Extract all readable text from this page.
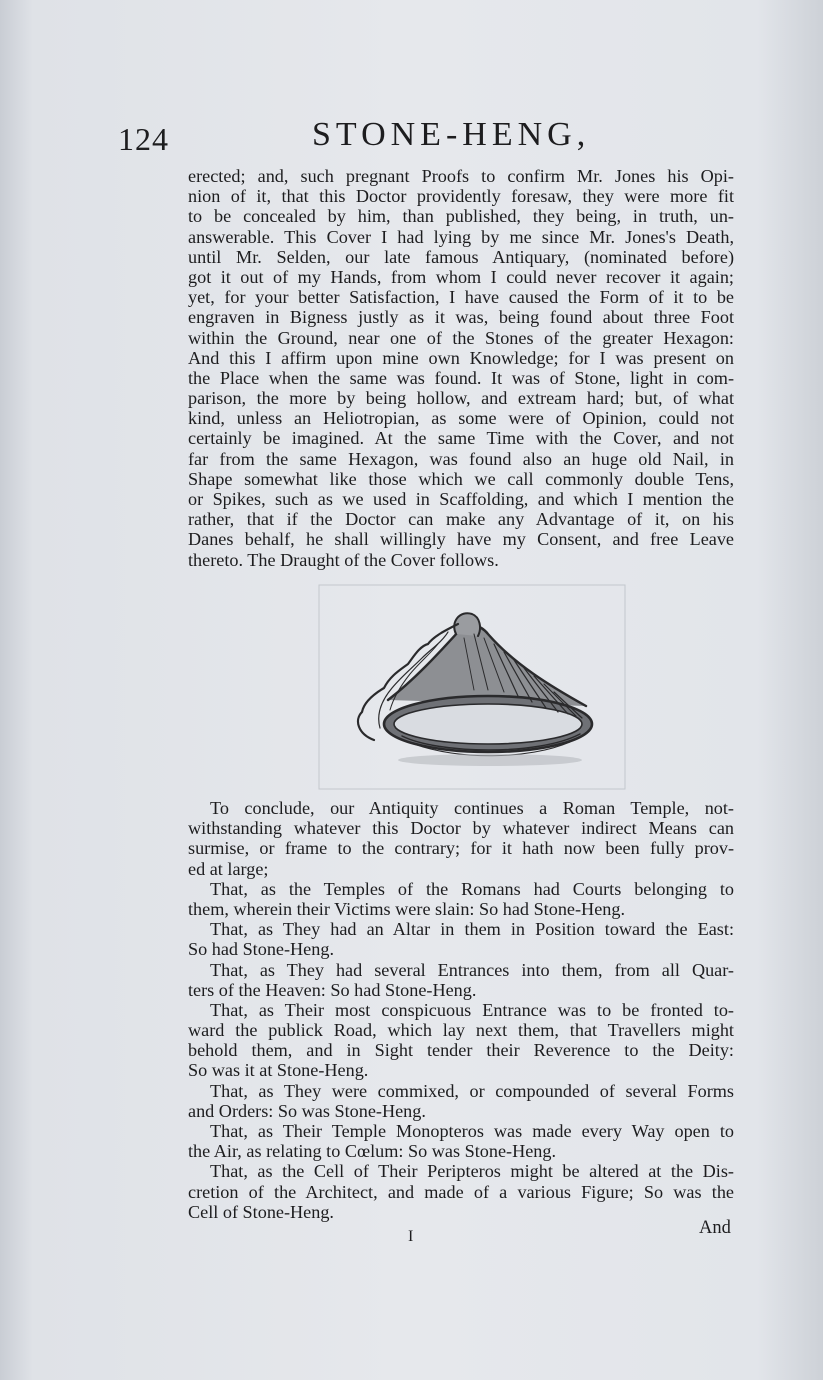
124	STONE-HENG,
erected; and, such pregnant Proofs to confirm Mr. Jones his Opi-
nion of it, that this Doctor providently foresaw, they were more fit
to be concealed by him, than published, they being, in truth, un-
answerable. This Cover I had lying by me since Mr. Jones's Death,
until Mr. Selden, our late famous Antiquary, (nominated before)
got it out of my Hands, from whom I could never recover it again;
yet, for your better Satisfaction, I have caused the Form of it to be
engraven in Bigness justly as it was, being found about three Foot
within the Ground, near one of the Stones of the greater Hexagon:
And this I affirm upon mine own Knowledge; for I was present on
the Place when the same was found. It was of Stone, light in com-
parison, the more by being hollow, and extream hard; but, of what
kind, unless an Heliotropian, as some were of Opinion, could not
certainly be imagined. At the same Time with the Cover, and not
far from the same Hexagon, was found also an huge old Nail, in
Shape somewhat like those which we call commonly double Tens,
or Spikes, such as we used in Scaffolding, and which I mention the
rather, that if the Doctor can make any Advantage of it, on his
Danes behalf, he shall willingly have my Consent, and free Leave
thereto. The Draught of the Cover follows.
To conclude, our Antiquity continues a Roman Temple, not-
withstanding whatever this Doctor by whatever indirect Means can
surmise, or frame to the contrary; for it hath now been fully prov-
ed at large;
That, as the Temples of the Romans had Courts belonging to
them, wherein their Victims were slain: So had Stone-Heng.
That, as They had an Altar in them in Position toward the East:
So had Stone-Heng.
That, as They had several Entrances into them, from all Quar-
ters of the Heaven: So had Stone-Heng.
That, as Their most conspicuous Entrance was to be fronted to-
ward the publick Road, which lay next them, that Travellers might
behold them, and in Sight tender their Reverence to the Deity:
So was it at Stone-Heng.
That, as They were commixed, or compounded of several Forms
and Orders: So was Stone-Heng.
That, as Their Temple Monopteros was made every Way open to
the Air, as relating to Cœlum: So was Stone-Heng.
That, as the Cell of Their Peripteros might be altered at the Dis-
cretion of the Architect, and made of a various Figure; So was the
Cell of Stone-Heng.
I	And
